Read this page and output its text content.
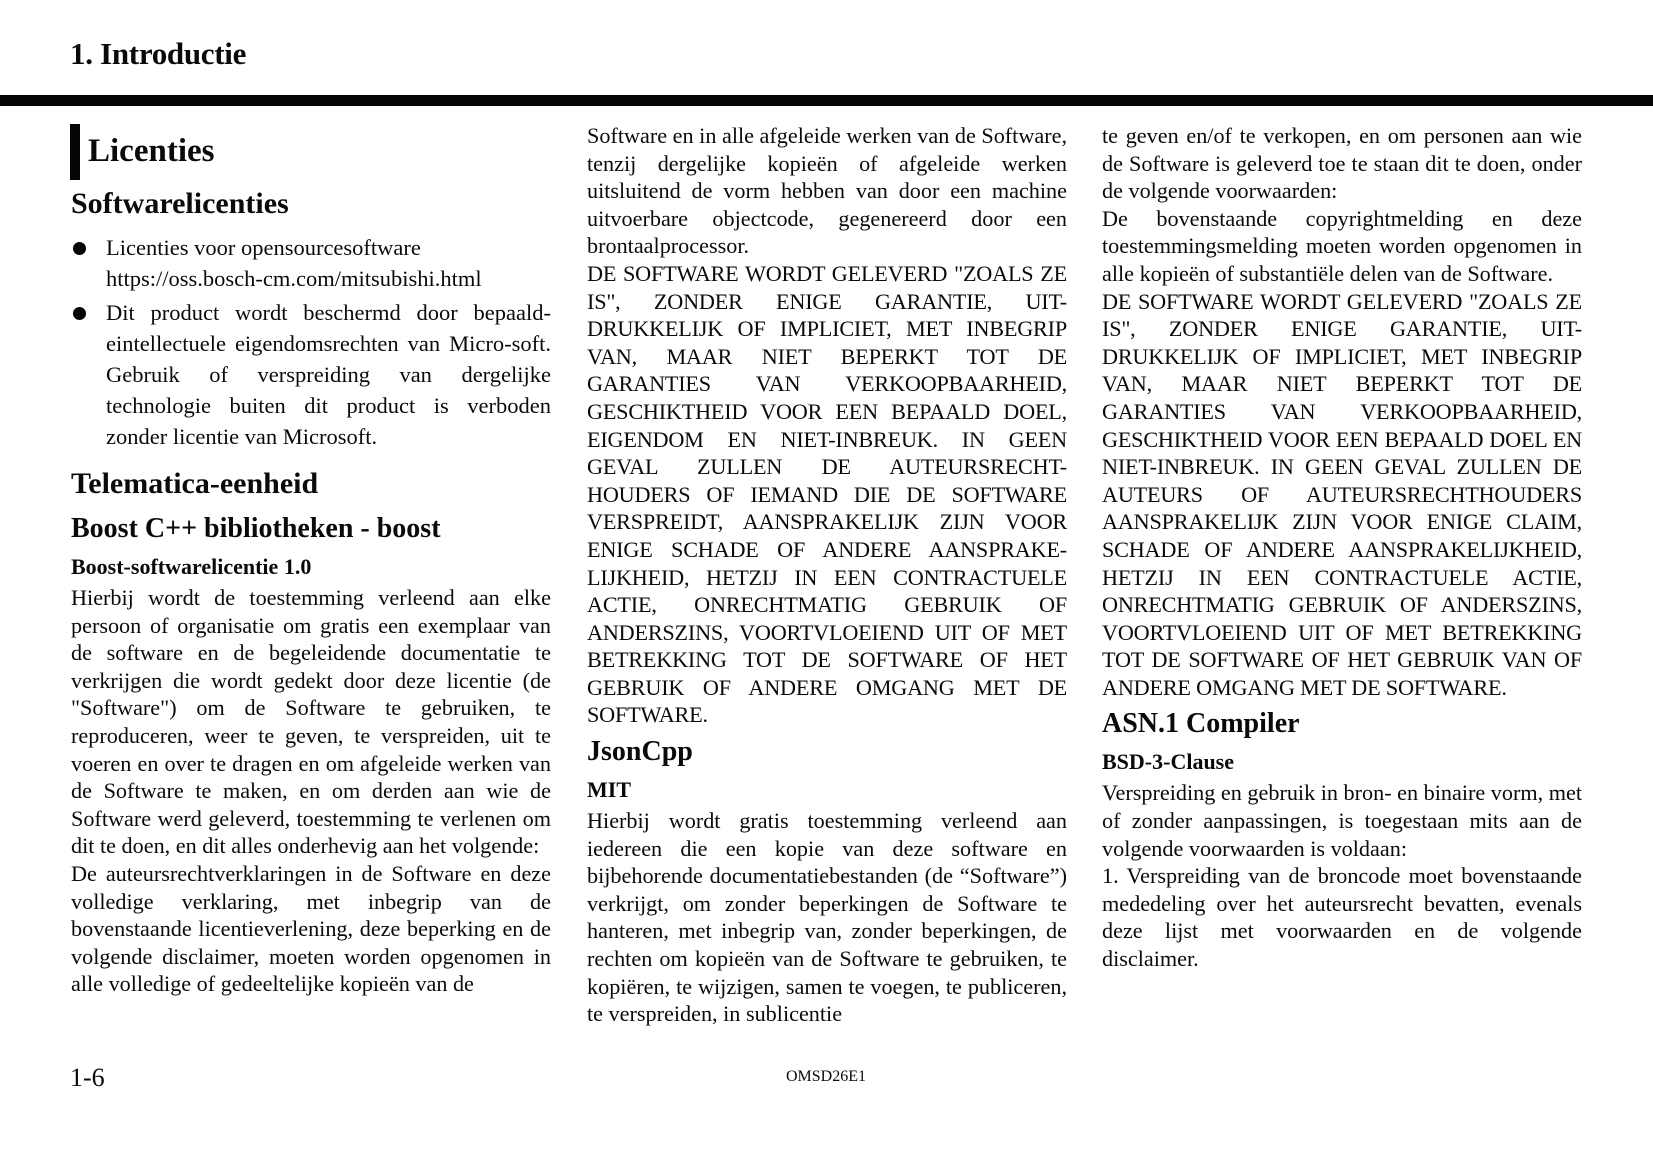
1. Introductie
Licenties
Softwarelicenties
Licenties voor opensourcesoftware
https://oss.bosch-cm.com/mitsubishi.html
Dit product wordt beschermd door bepaald-eintellectuele eigendomsrechten van Micro-soft. Gebruik of verspreiding van dergelijke technologie buiten dit product is verboden zonder licentie van Microsoft.
Telematica-eenheid
Boost C++ bibliotheken - boost
Boost-softwarelicentie 1.0

Hierbij wordt de toestemming verleend aan elke persoon of organisatie om gratis een exemplaar van de software en de begeleidende documentatie te verkrijgen die wordt gedekt door deze licentie (de "Software") om de Software te gebruiken, te reproduceren, weer te geven, te verspreiden, uit te voeren en over te dragen en om afgeleide werken van de Software te maken, en om derden aan wie de Software werd geleverd, toestemming te verlenen om dit te doen, en dit alles onderhevig aan het volgende:

De auteursrechtverklaringen in de Software en deze volledige verklaring, met inbegrip van de bovenstaande licentieverlening, deze beperking en de volgende disclaimer, moeten worden opgenomen in alle volledige of gedeeltelijke kopieën van de

Software en in alle afgeleide werken van de Software, tenzij dergelijke kopieën of afgeleide werken uitsluitend de vorm hebben van door een machine uitvoerbare objectcode, gegenereerd door een brontaalprocessor.

DE SOFTWARE WORDT GELEVERD "ZOALS ZE IS", ZONDER ENIGE GARANTIE, UIT-DRUKKELIJK OF IMPLICIET, MET INBEGRIP VAN, MAAR NIET BEPERKT TOT DE GARANTIES VAN VERKOOPBAARHEID, GESCHIKTHEID VOOR EEN BEPAALD DOEL, EIGENDOM EN NIET-INBREUK. IN GEEN GEVAL ZULLEN DE AUTEURSRECHT-HOUDERS OF IEMAND DIE DE SOFTWARE VERSPREIDT, AANSPRAKELIJK ZIJN VOOR ENIGE SCHADE OF ANDERE AANSPRAKE-LIJKHEID, HETZIJ IN EEN CONTRACTUELE ACTIE, ONRECHTMATIG GEBRUIK OF ANDERSZINS, VOORTVLOEIEND UIT OF MET BETREKKING TOT DE SOFTWARE OF HET GEBRUIK OF ANDERE OMGANG MET DE SOFTWARE.

JsonCpp
MIT

Hierbij wordt gratis toestemming verleend aan iedereen die een kopie van deze software en bijbehorende documentatiebestanden (de “Software”) verkrijgt, om zonder beperkingen de Software te hanteren, met inbegrip van, zonder beperkingen, de rechten om kopieën van de Software te gebruiken, te kopiëren, te wijzigen, samen te voegen, te publiceren, te verspreiden, in sublicentie

te geven en/of te verkopen, en om personen aan wie de Software is geleverd toe te staan dit te doen, onder de volgende voorwaarden:

De bovenstaande copyrightmelding en deze toestemmingsmelding moeten worden opgenomen in alle kopieën of substantiële delen van de Software.

DE SOFTWARE WORDT GELEVERD "ZOALS ZE IS", ZONDER ENIGE GARANTIE, UIT-DRUKKELIJK OF IMPLICIET, MET INBEGRIP VAN, MAAR NIET BEPERKT TOT DE GARANTIES VAN VERKOOPBAARHEID, GESCHIKTHEID VOOR EEN BEPAALD DOEL EN NIET-INBREUK. IN GEEN GEVAL ZULLEN DE AUTEURS OF AUTEURSRECHTHOUDERS AANSPRAKELIJK ZIJN VOOR ENIGE CLAIM, SCHADE OF ANDERE AANSPRAKELIJKHEID, HETZIJ IN EEN CONTRACTUELE ACTIE, ONRECHTMATIG GEBRUIK OF ANDERSZINS, VOORTVLOEIEND UIT OF MET BETREKKING TOT DE SOFTWARE OF HET GEBRUIK VAN OF ANDERE OMGANG MET DE SOFTWARE.

ASN.1 Compiler
BSD-3-Clause

Verspreiding en gebruik in bron- en binaire vorm, met of zonder aanpassingen, is toegestaan mits aan de volgende voorwaarden is voldaan:

1. Verspreiding van de broncode moet bovenstaande mededeling over het auteursrecht bevatten, evenals deze lijst met voorwaarden en de volgende disclaimer.

1-6	OMSD26E1
